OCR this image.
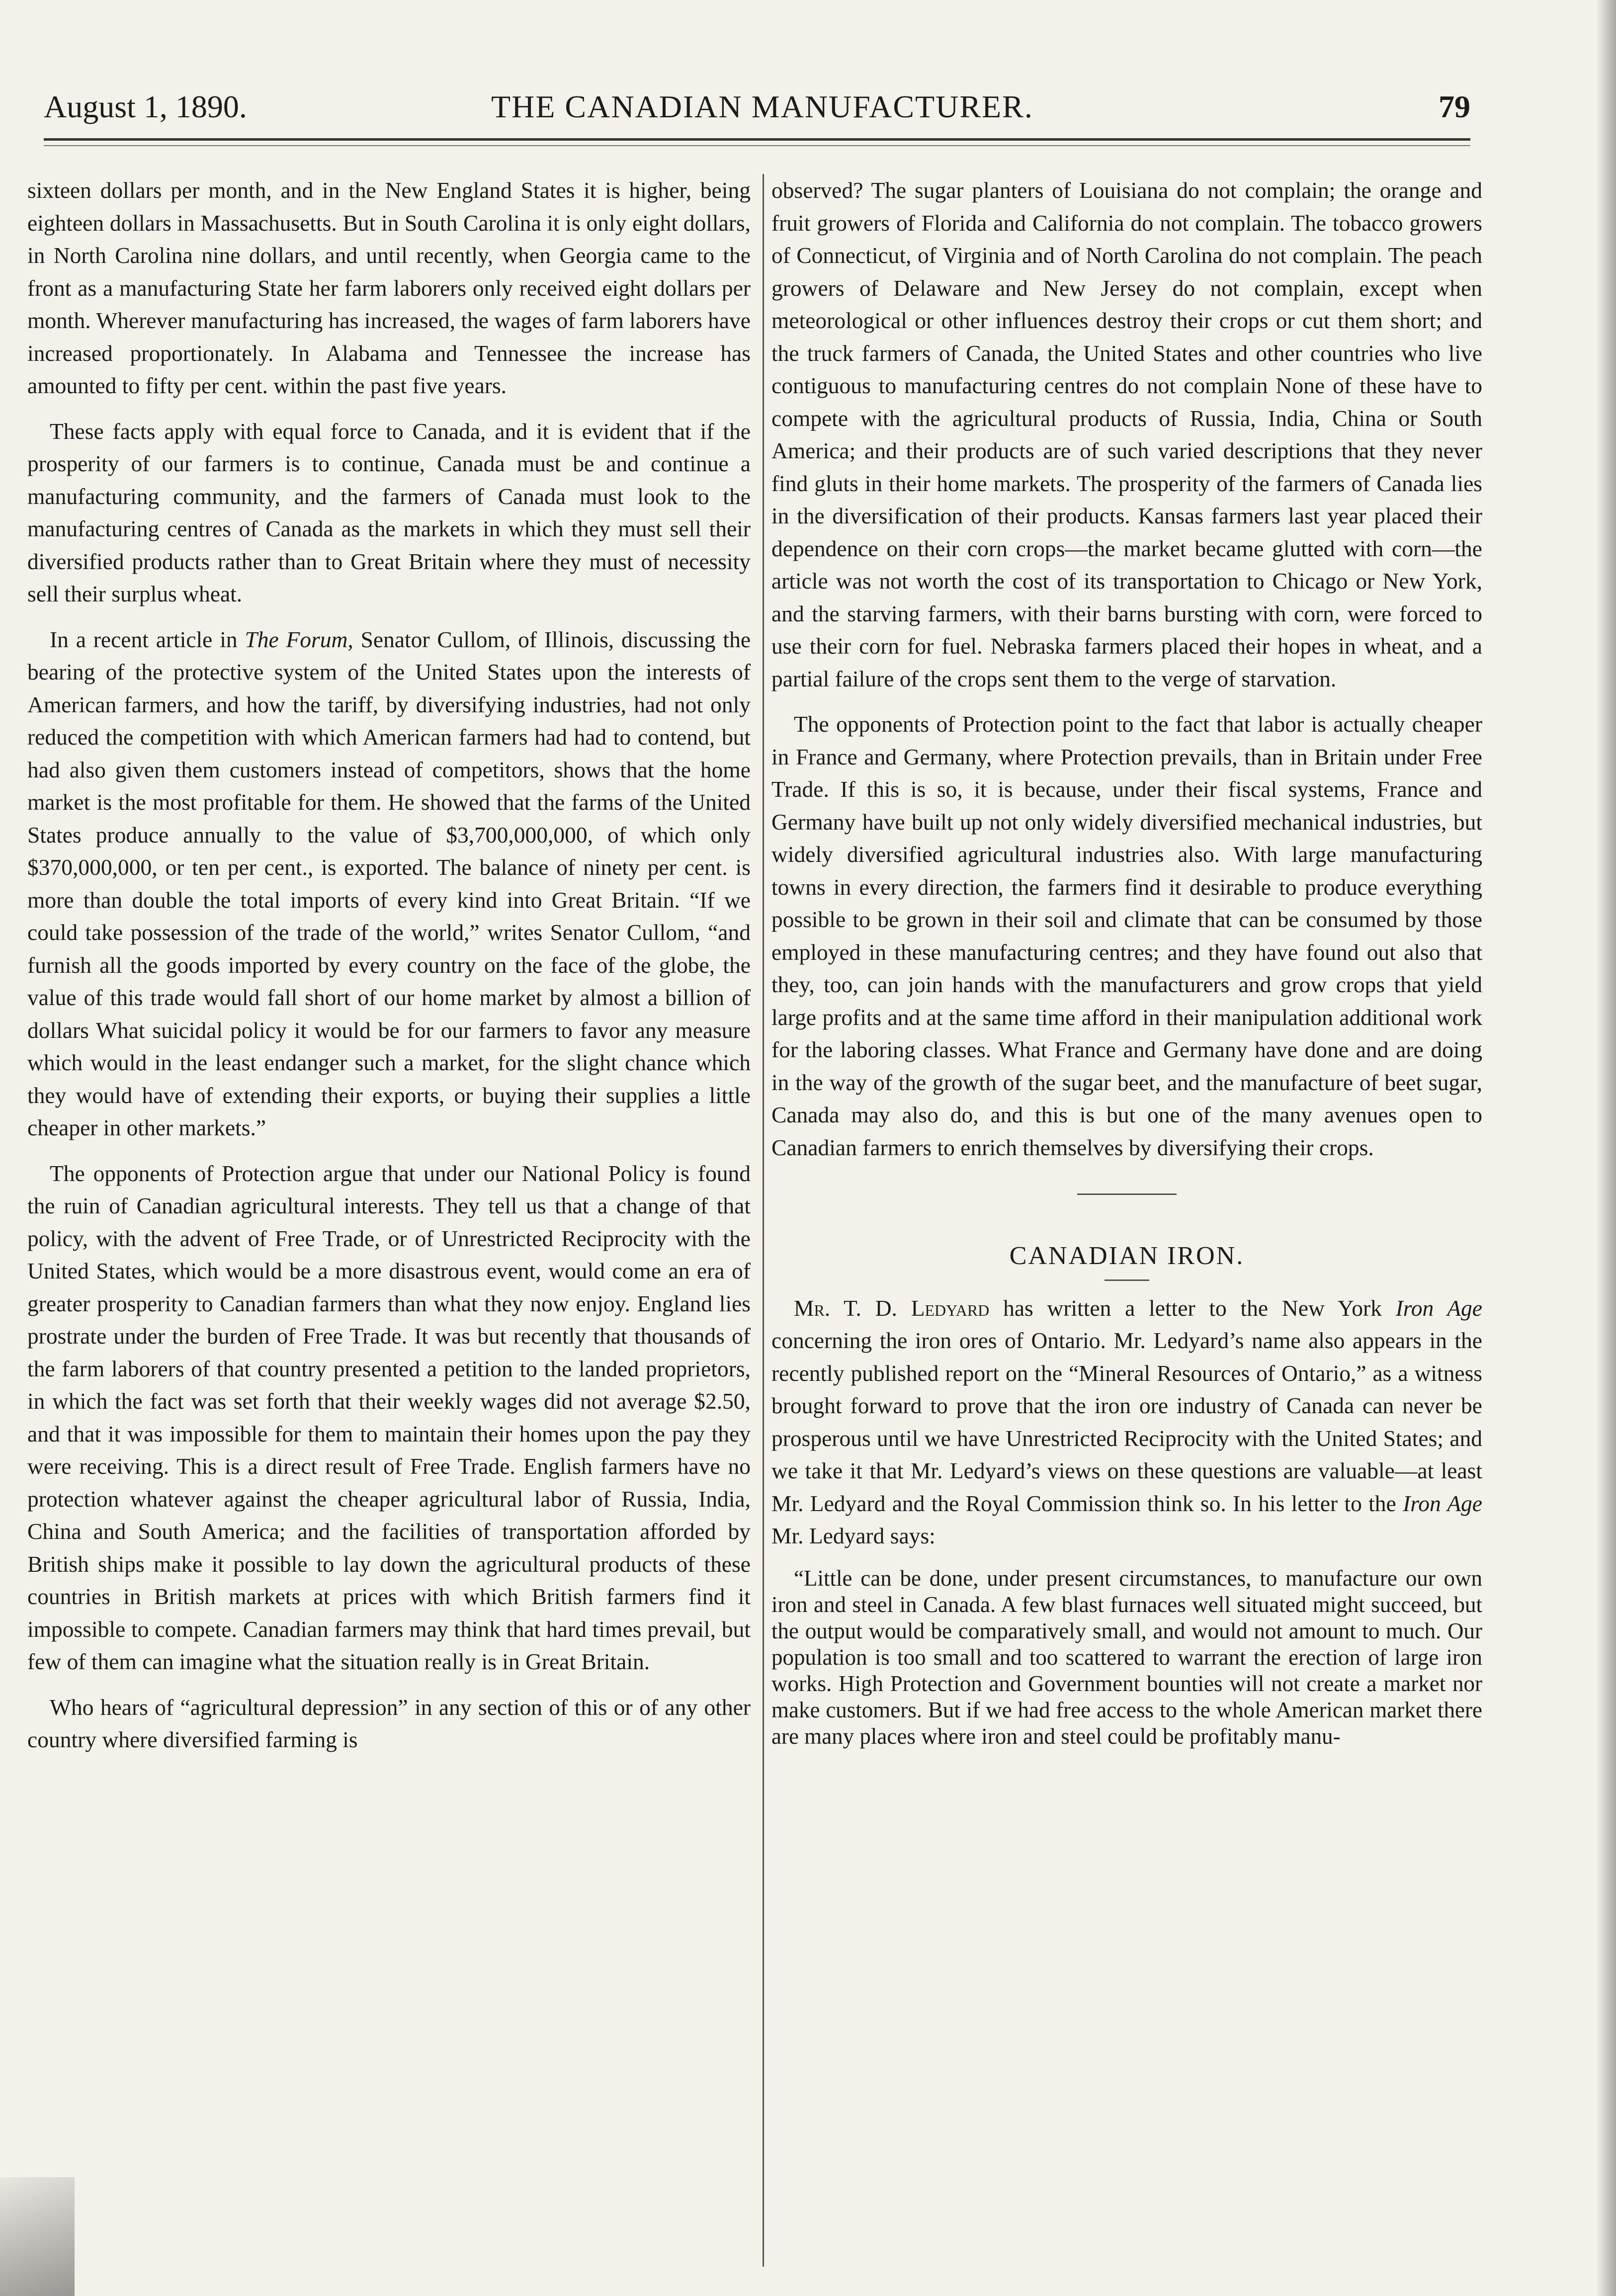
August 1, 1890.	THE CANADIAN MANUFACTURER.	79

sixteen dollars per month, and in the New England States it is higher, being eighteen dollars in Massachusetts. But in South Carolina it is only eight dollars, in North Carolina nine dollars, and until recently, when Georgia came to the front as a manufacturing State her farm laborers only received eight dollars per month. Wherever manufacturing has increased, the wages of farm laborers have increased proportionately. In Alabama and Tennessee the increase has amounted to fifty per cent. within the past five years.

These facts apply with equal force to Canada, and it is evident that if the prosperity of our farmers is to continue, Canada must be and continue a manufacturing community, and the farmers of Canada must look to the manufacturing centres of Canada as the markets in which they must sell their diversified products rather than to Great Britain where they must of necessity sell their surplus wheat.

In a recent article in The Forum, Senator Cullom, of Illinois, discussing the bearing of the protective system of the United States upon the interests of American farmers, and how the tariff, by diversifying industries, had not only reduced the competition with which American farmers had had to contend, but had also given them customers instead of competitors, shows that the home market is the most profitable for them. He showed that the farms of the United States produce annually to the value of $3,700,000,000, of which only $370,000,000, or ten per cent., is exported. The balance of ninety per cent. is more than double the total imports of every kind into Great Britain. “If we could take possession of the trade of the world,” writes Senator Cullom, “and furnish all the goods imported by every country on the face of the globe, the value of this trade would fall short of our home market by almost a billion of dollars What suicidal policy it would be for our farmers to favor any measure which would in the least endanger such a market, for the slight chance which they would have of extending their exports, or buying their supplies a little cheaper in other markets.”

The opponents of Protection argue that under our National Policy is found the ruin of Canadian agricultural interests. They tell us that a change of that policy, with the advent of Free Trade, or of Unrestricted Reciprocity with the United States, which would be a more disastrous event, would come an era of greater prosperity to Canadian farmers than what they now enjoy. England lies prostrate under the burden of Free Trade. It was but recently that thousands of the farm laborers of that country presented a petition to the landed proprietors, in which the fact was set forth that their weekly wages did not average $2.50, and that it was impossible for them to maintain their homes upon the pay they were receiving. This is a direct result of Free Trade. English farmers have no protection whatever against the cheaper agricultural labor of Russia, India, China and South America; and the facilities of transportation afforded by British ships make it possible to lay down the agricultural products of these countries in British markets at prices with which British farmers find it impossible to compete. Canadian farmers may think that hard times prevail, but few of them can imagine what the situation really is in Great Britain.

Who hears of “agricultural depression” in any section of this or of any other country where diversified farming is

observed? The sugar planters of Louisiana do not complain; the orange and fruit growers of Florida and California do not complain. The tobacco growers of Connecticut, of Virginia and of North Carolina do not complain. The peach growers of Delaware and New Jersey do not complain, except when meteorological or other influences destroy their crops or cut them short; and the truck farmers of Canada, the United States and other countries who live contiguous to manufacturing centres do not complain None of these have to compete with the agricultural products of Russia, India, China or South America; and their products are of such varied descriptions that they never find gluts in their home markets. The prosperity of the farmers of Canada lies in the diversification of their products. Kansas farmers last year placed their dependence on their corn crops—the market became glutted with corn—the article was not worth the cost of its transportation to Chicago or New York, and the starving farmers, with their barns bursting with corn, were forced to use their corn for fuel. Nebraska farmers placed their hopes in wheat, and a partial failure of the crops sent them to the verge of starvation.

The opponents of Protection point to the fact that labor is actually cheaper in France and Germany, where Protection prevails, than in Britain under Free Trade. If this is so, it is because, under their fiscal systems, France and Germany have built up not only widely diversified mechanical industries, but widely diversified agricultural industries also. With large manufacturing towns in every direction, the farmers find it desirable to produce everything possible to be grown in their soil and climate that can be consumed by those employed in these manufacturing centres; and they have found out also that they, too, can join hands with the manufacturers and grow crops that yield large profits and at the same time afford in their manipulation additional work for the laboring classes. What France and Germany have done and are doing in the way of the growth of the sugar beet, and the manufacture of beet sugar, Canada may also do, and this is but one of the many avenues open to Canadian farmers to enrich themselves by diversifying their crops.

CANADIAN IRON.

Mr. T. D. Ledyard has written a letter to the New York Iron Age concerning the iron ores of Ontario. Mr. Ledyard’s name also appears in the recently published report on the “Mineral Resources of Ontario,” as a witness brought forward to prove that the iron ore industry of Canada can never be prosperous until we have Unrestricted Reciprocity with the United States; and we take it that Mr. Ledyard’s views on these questions are valuable—at least Mr. Ledyard and the Royal Commission think so. In his letter to the Iron Age Mr. Ledyard says:

“Little can be done, under present circumstances, to manufacture our own iron and steel in Canada. A few blast furnaces well situated might succeed, but the output would be comparatively small, and would not amount to much. Our population is too small and too scattered to warrant the erection of large iron works. High Protection and Government bounties will not create a market nor make customers. But if we had free access to the whole American market there are many places where iron and steel could be profitably manu-
